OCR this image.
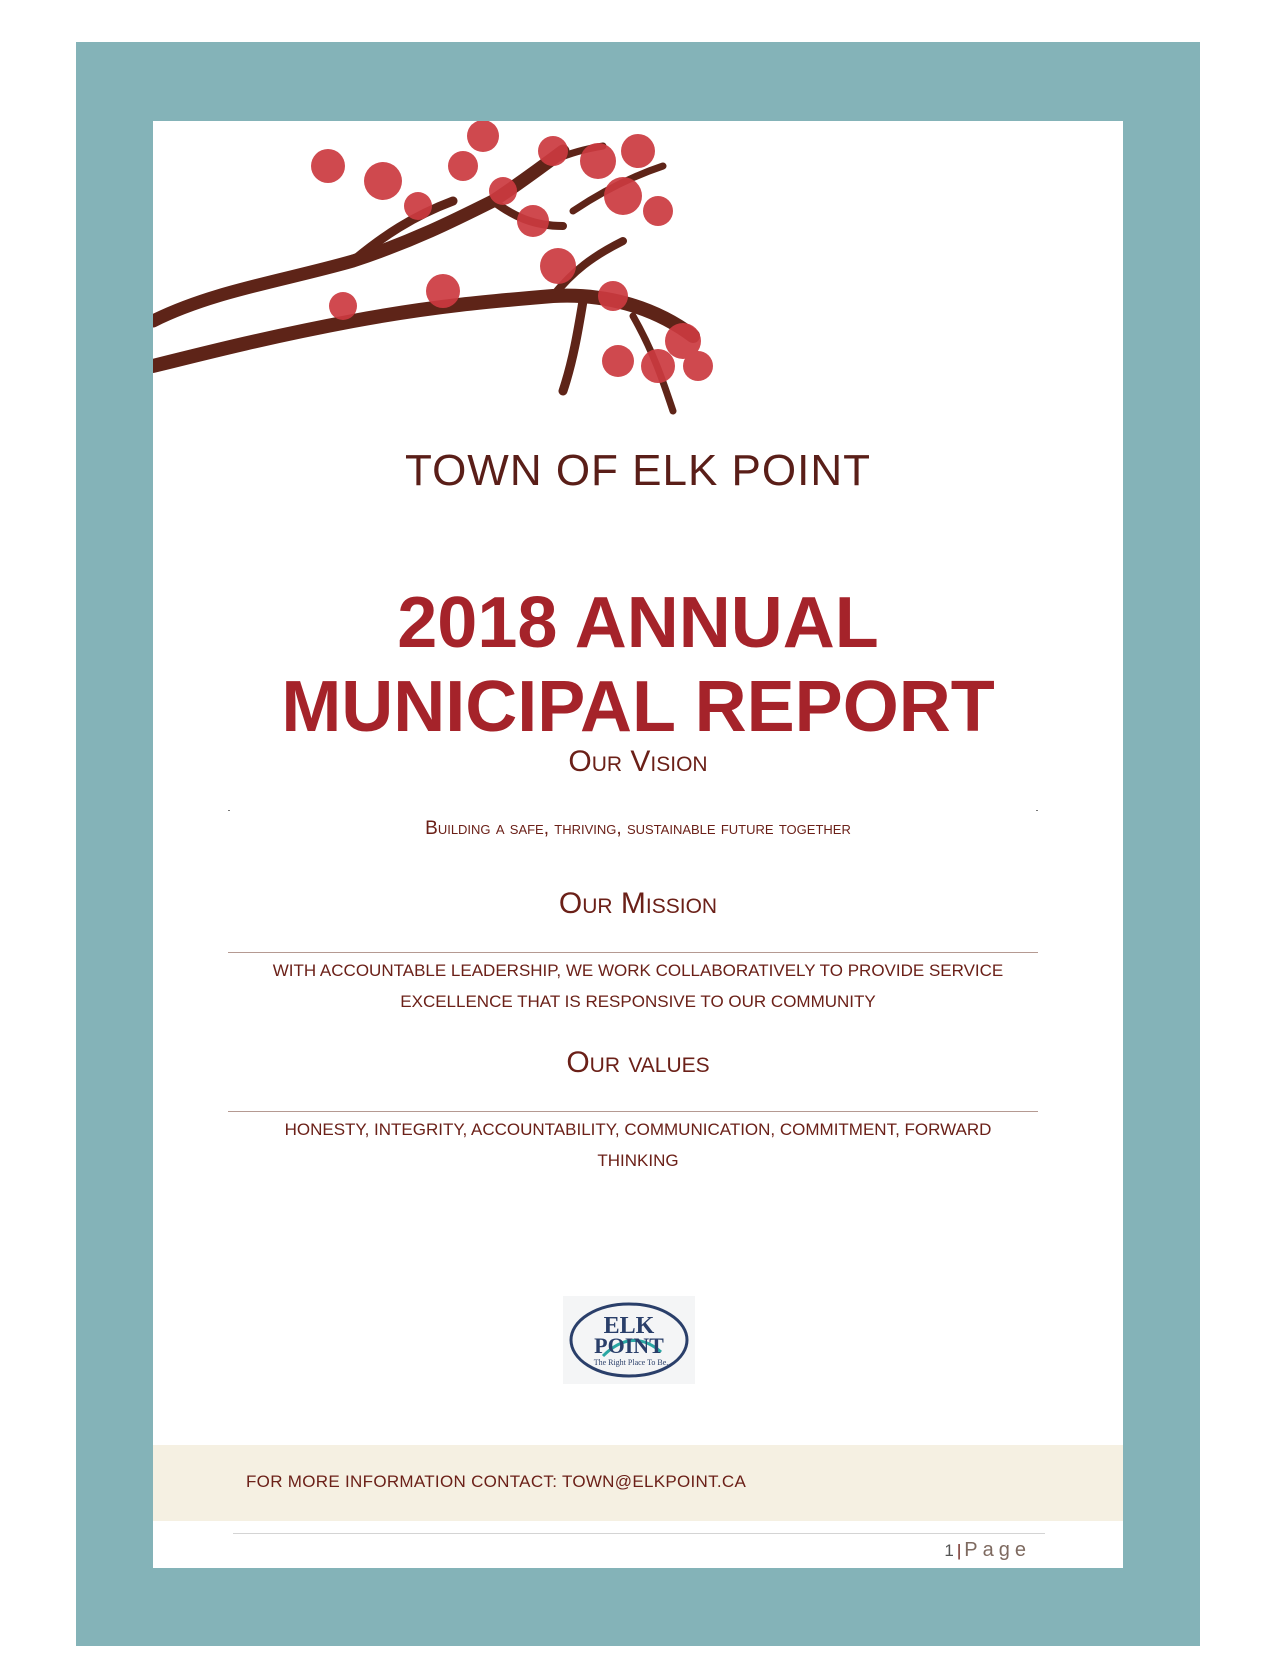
TOWN OF ELK POINT
2018 ANNUAL
MUNICIPAL REPORT
Our Vision
Building a safe, thriving, sustainable future together
Our Mission
WITH ACCOUNTABLE LEADERSHIP, WE WORK COLLABORATIVELY TO PROVIDE SERVICE
EXCELLENCE THAT IS RESPONSIVE TO OUR COMMUNITY
Our values
HONESTY, INTEGRITY, ACCOUNTABILITY, COMMUNICATION, COMMITMENT, FORWARD
THINKING
ELK
POINT
The Right Place To Be.
FOR MORE INFORMATION CONTACT: TOWN@ELKPOINT.CA
1 | Page
